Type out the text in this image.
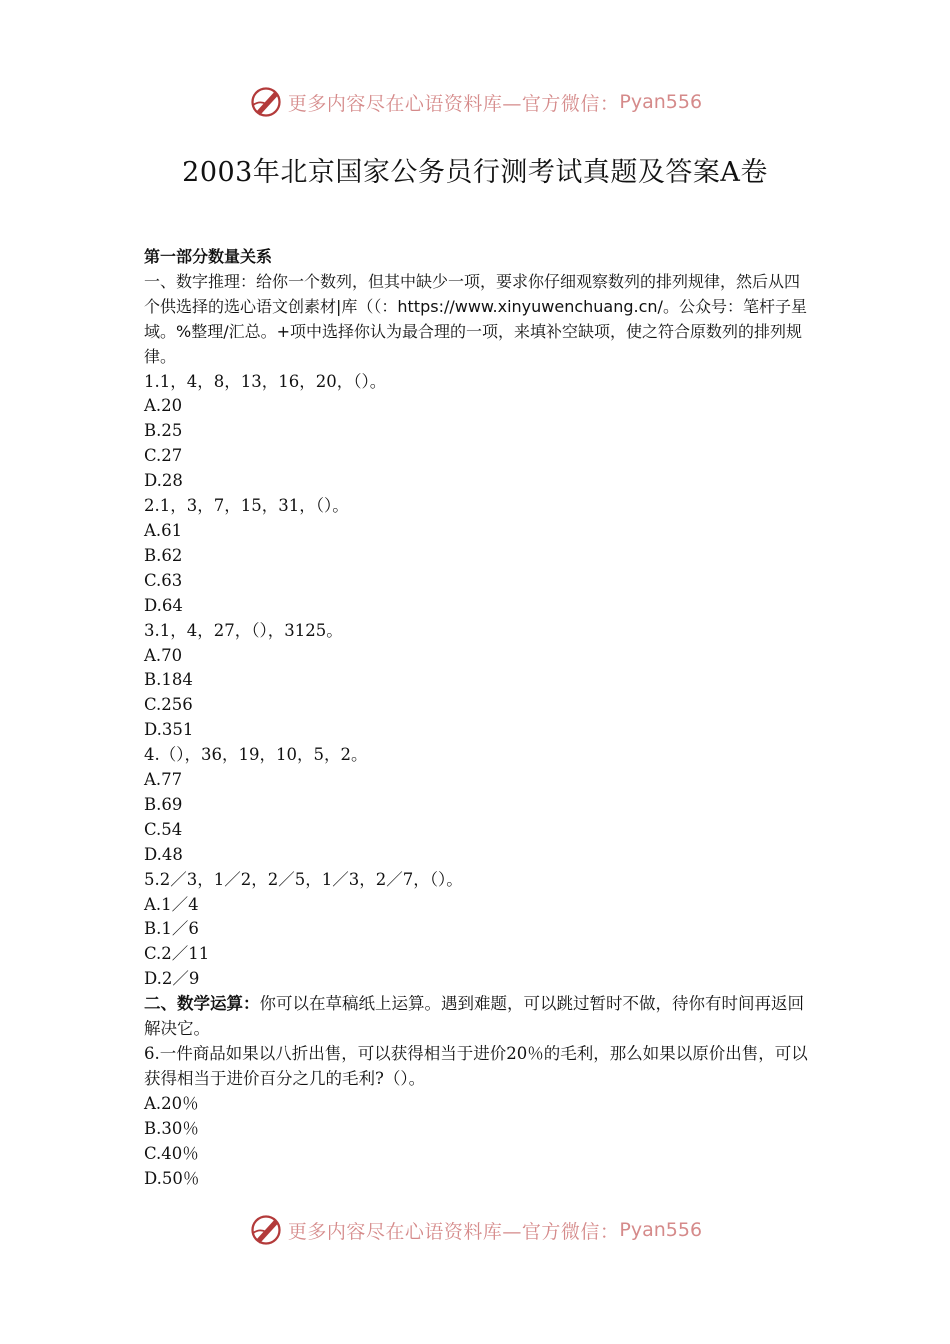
更多内容尽在心语资料库—官方微信： Pyan556
2003年北京国家公务员行测考试真题及答案A卷

第一部分数量关系

一、数字推理：给你一个数列，但其中缺少一项，要求你仔细观察数列的排列规律，然后从四个供选择的选心语文创素材|库（（：https://www.xinyuwenchuang.cn/。公众号：笔杆子星域。%整理/汇总。+项中选择你认为最合理的一项，来填补空缺项，使之符合原数列的排列规律。

1.1，4，8，13，16，20，（）。

A.20

B.25

C.27

D.28

2.1，3，7，15，31，（）。

A.61

B.62

C.63

D.64

3.1，4，27，（），3125。

A.70

B.184

C.256

D.351

4.（），36，19，10，5，2。

A.77

B.69

C.54

D.48

5.2／3，1／2，2／5，1／3，2／7，（）。

A.1／4

B.1／6

C.2／11

D.2／9

二、数学运算：你可以在草稿纸上运算。遇到难题，可以跳过暂时不做，待你有时间再返回解决它。

6.一件商品如果以八折出售，可以获得相当于进价20％的毛利，那么如果以原价出售，可以获得相当于进价百分之几的毛利?（）。

A.20％

B.30％

C.40％

D.50％

更多内容尽在心语资料库—官方微信： Pyan556
